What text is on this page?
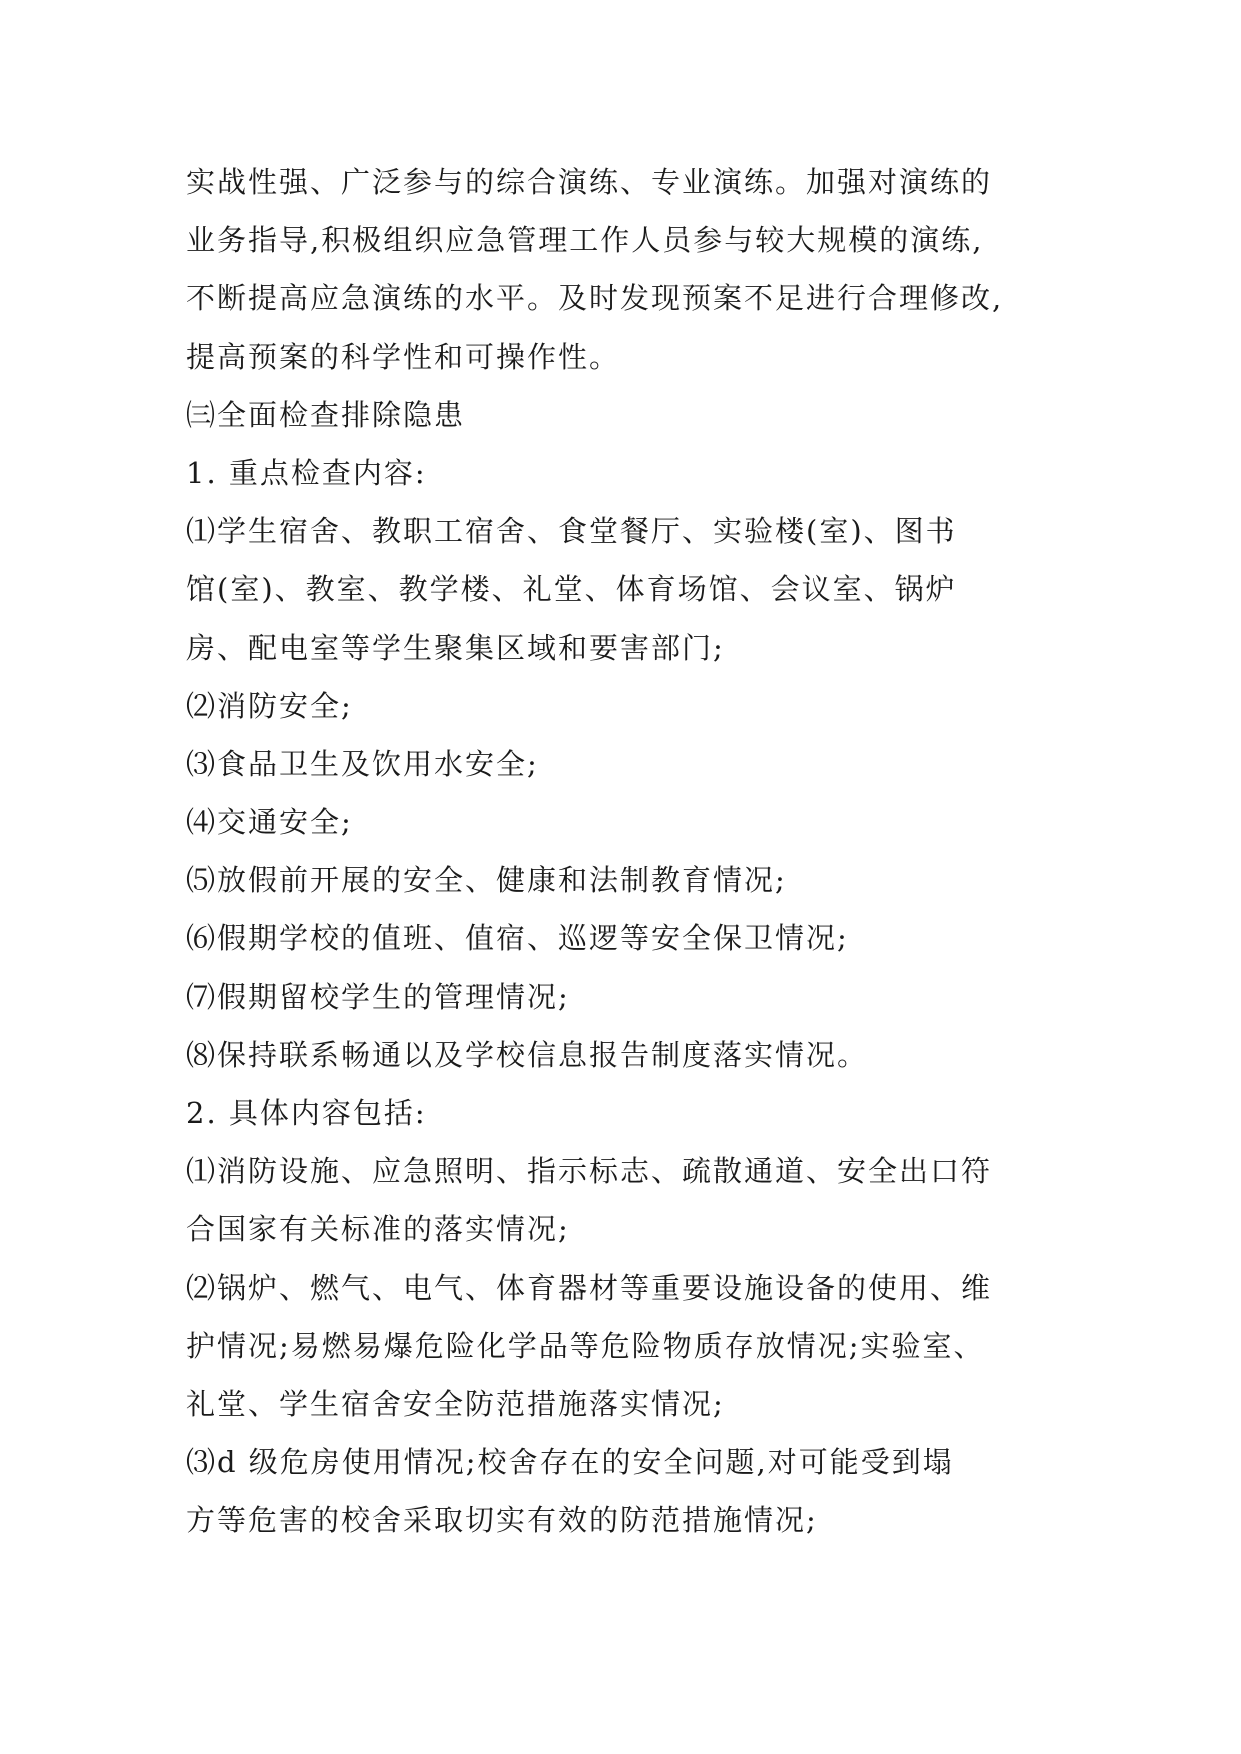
实战性强、广泛参与的综合演练、专业演练。加强对演练的
业务指导,积极组织应急管理工作人员参与较大规模的演练,
不断提高应急演练的水平。及时发现预案不足进行合理修改,
提高预案的科学性和可操作性。
㈢全面检查排除隐患
1. 重点检查内容:
⑴学生宿舍、教职工宿舍、食堂餐厅、实验楼(室)、图书
馆(室)、教室、教学楼、礼堂、体育场馆、会议室、锅炉
房、配电室等学生聚集区域和要害部门;
⑵消防安全;
⑶食品卫生及饮用水安全;
⑷交通安全;
⑸放假前开展的安全、健康和法制教育情况;
⑹假期学校的值班、值宿、巡逻等安全保卫情况;
⑺假期留校学生的管理情况;
⑻保持联系畅通以及学校信息报告制度落实情况。
2. 具体内容包括:
⑴消防设施、应急照明、指示标志、疏散通道、安全出口符
合国家有关标准的落实情况;
⑵锅炉、燃气、电气、体育器材等重要设施设备的使用、维
护情况;易燃易爆危险化学品等危险物质存放情况;实验室、
礼堂、学生宿舍安全防范措施落实情况;
⑶d 级危房使用情况;校舍存在的安全问题,对可能受到塌
方等危害的校舍采取切实有效的防范措施情况;
